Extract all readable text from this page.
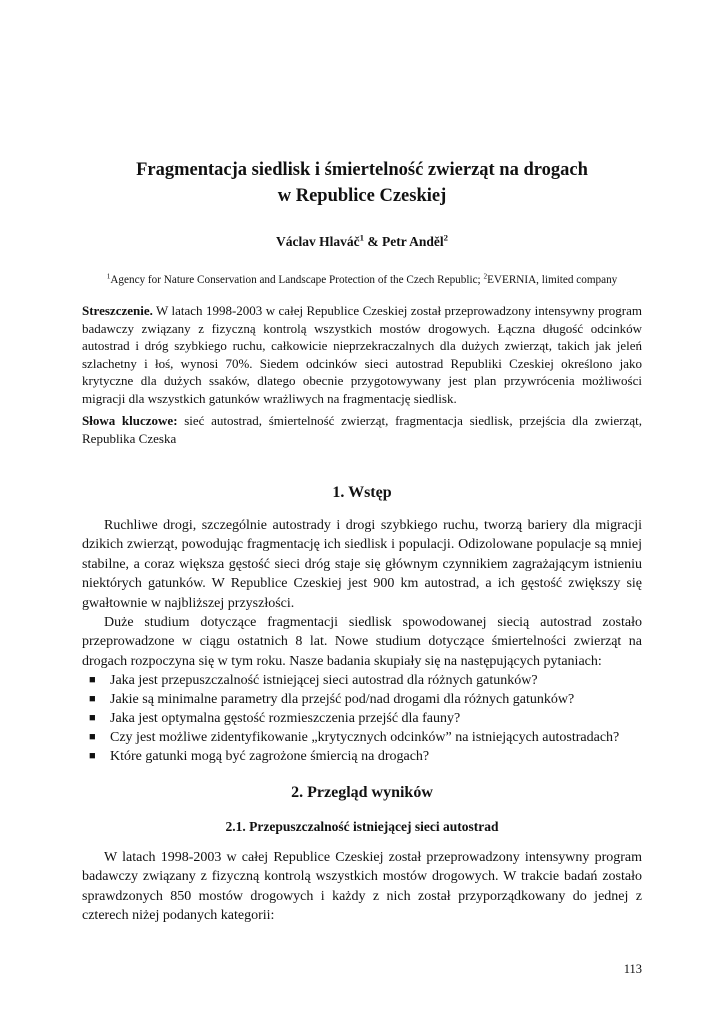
Fragmentacja siedlisk i śmiertelność zwierząt na drogach
w Republice Czeskiej
Václav Hlaváč$^1$ & Petr Anděl$^2$
$^1$Agency for Nature Conservation and Landscape Protection of the Czech Republic; $^2$EVERNIA, limited company
Streszczenie. W latach 1998-2003 w całej Republice Czeskiej został przeprowadzony intensywny program badawczy związany z fizyczną kontrolą wszystkich mostów drogowych. Łączna długość odcinków autostrad i dróg szybkiego ruchu, całkowicie nieprzekraczalnych dla dużych zwierząt, takich jak jeleń szlachetny i łoś, wynosi 70%. Siedem odcinków sieci autostrad Republiki Czeskiej określono jako krytyczne dla dużych ssaków, dlatego obecnie przygotowywany jest plan przywrócenia możliwości migracji dla wszystkich gatunków wrażliwych na fragmentację siedlisk.
Słowa kluczowe: sieć autostrad, śmiertelność zwierząt, fragmentacja siedlisk, przejścia dla zwierząt, Republika Czeska
1. Wstęp

Ruchliwe drogi, szczególnie autostrady i drogi szybkiego ruchu, tworzą bariery dla migracji dzikich zwierząt, powodując fragmentację ich siedlisk i populacji. Odizolowane populacje są mniej stabilne, a coraz większa gęstość sieci dróg staje się głównym czynnikiem zagrażającym istnieniu niektórych gatunków. W Republice Czeskiej jest 900 km autostrad, a ich gęstość zwiększy się gwałtownie w najbliższej przyszłości.

Duże studium dotyczące fragmentacji siedlisk spowodowanej siecią autostrad zostało przeprowadzone w ciągu ostatnich 8 lat. Nowe studium dotyczące śmiertelności zwierząt na drogach rozpoczyna się w tym roku. Nasze badania skupiały się na następujących pytaniach:

■ Jaka jest przepuszczalność istniejącej sieci autostrad dla różnych gatunków?
■ Jakie są minimalne parametry dla przejść pod/nad drogami dla różnych gatunków?
■ Jaka jest optymalna gęstość rozmieszczenia przejść dla fauny?
■ Czy jest możliwe zidentyfikowanie „krytycznych odcinków” na istniejących autostradach?
■ Które gatunki mogą być zagrożone śmiercią na drogach?
2. Przegląd wyników
2.1. Przepuszczalność istniejącej sieci autostrad

W latach 1998-2003 w całej Republice Czeskiej został przeprowadzony intensywny program badawczy związany z fizyczną kontrolą wszystkich mostów drogowych. W trakcie badań zostało sprawdzonych 850 mostów drogowych i każdy z nich został przyporządkowany do jednej z czterech niżej podanych kategorii:

113
